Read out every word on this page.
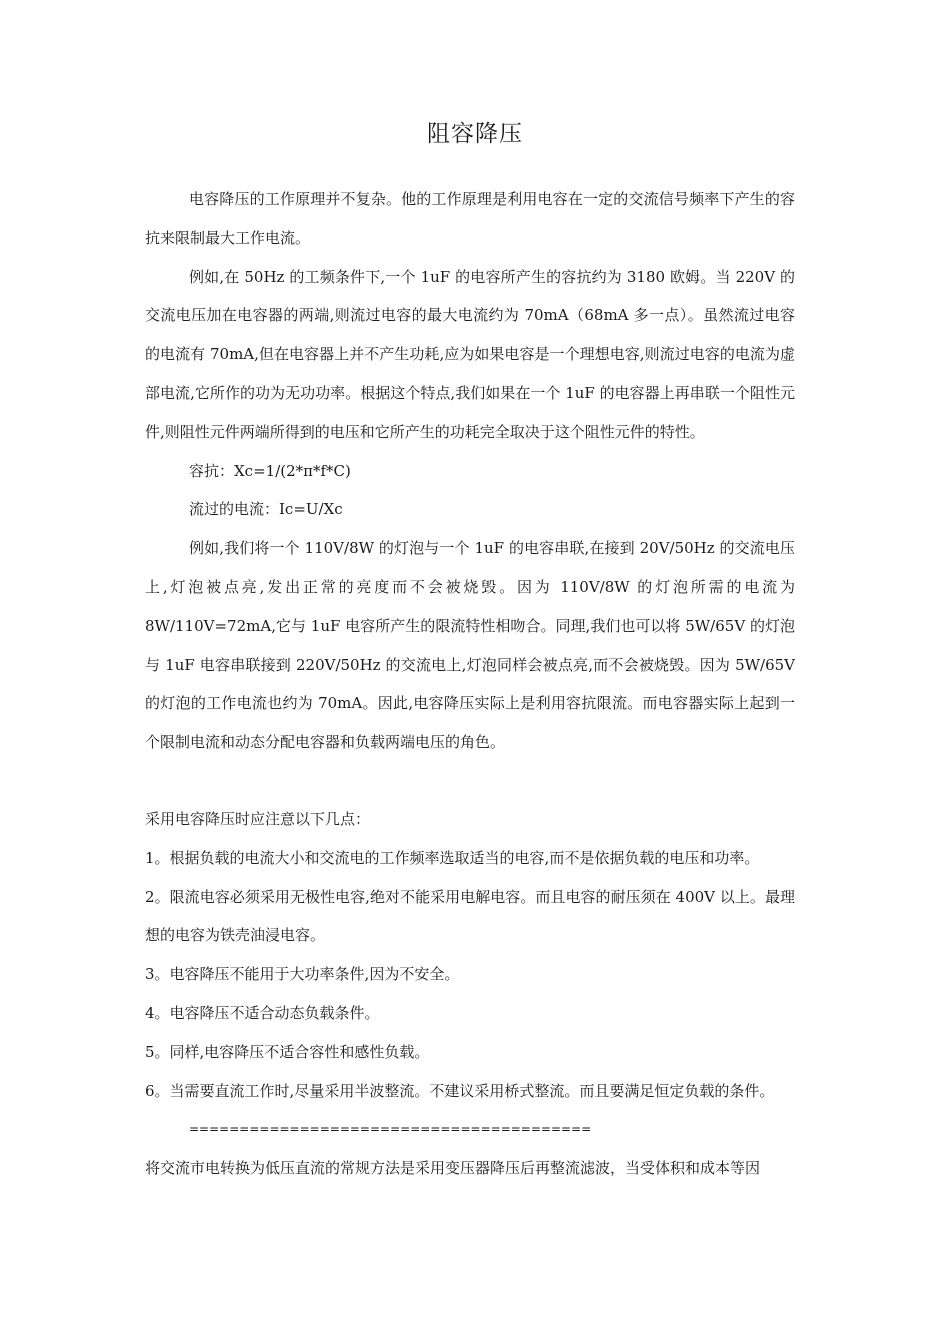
阻容降压

电容降压的工作原理并不复杂。他的工作原理是利用电容在一定的交流信号频率下产生的容抗来限制最大工作电流。

例如,在 50Hz 的工频条件下,一个 1uF 的电容所产生的容抗约为 3180 欧姆。当 220V 的交流电压加在电容器的两端,则流过电容的最大电流约为 70mA（68mA 多一点）。虽然流过电容的电流有 70mA,但在电容器上并不产生功耗,应为如果电容是一个理想电容,则流过电容的电流为虚部电流,它所作的功为无功功率。根据这个特点,我们如果在一个 1uF 的电容器上再串联一个阻性元件,则阻性元件两端所得到的电压和它所产生的功耗完全取决于这个阻性元件的特性。

容抗：Xc=1/(2*π*f*C)

流过的电流：Ic=U/Xc

例如,我们将一个 110V/8W 的灯泡与一个 1uF 的电容串联,在接到 20V/50Hz 的交流电压上,灯泡被点亮,发出正常的亮度而不会被烧毁。因为 110V/8W 的灯泡所需的电流为 8W/110V=72mA,它与 1uF 电容所产生的限流特性相吻合。同理,我们也可以将 5W/65V 的灯泡与 1uF 电容串联接到 220V/50Hz 的交流电上,灯泡同样会被点亮,而不会被烧毁。因为 5W/65V 的灯泡的工作电流也约为 70mA。因此,电容降压实际上是利用容抗限流。而电容器实际上起到一个限制电流和动态分配电容器和负载两端电压的角色。

采用电容降压时应注意以下几点：

1。根据负载的电流大小和交流电的工作频率选取适当的电容,而不是依据负载的电压和功率。

2。限流电容必须采用无极性电容,绝对不能采用电解电容。而且电容的耐压须在 400V 以上。最理想的电容为铁壳油浸电容。

3。电容降压不能用于大功率条件,因为不安全。

4。电容降压不适合动态负载条件。

5。同样,电容降压不适合容性和感性负载。

6。当需要直流工作时,尽量采用半波整流。不建议采用桥式整流。而且要满足恒定负载的条件。

========================================

将交流市电转换为低压直流的常规方法是采用变压器降压后再整流滤波，当受体积和成本等因
